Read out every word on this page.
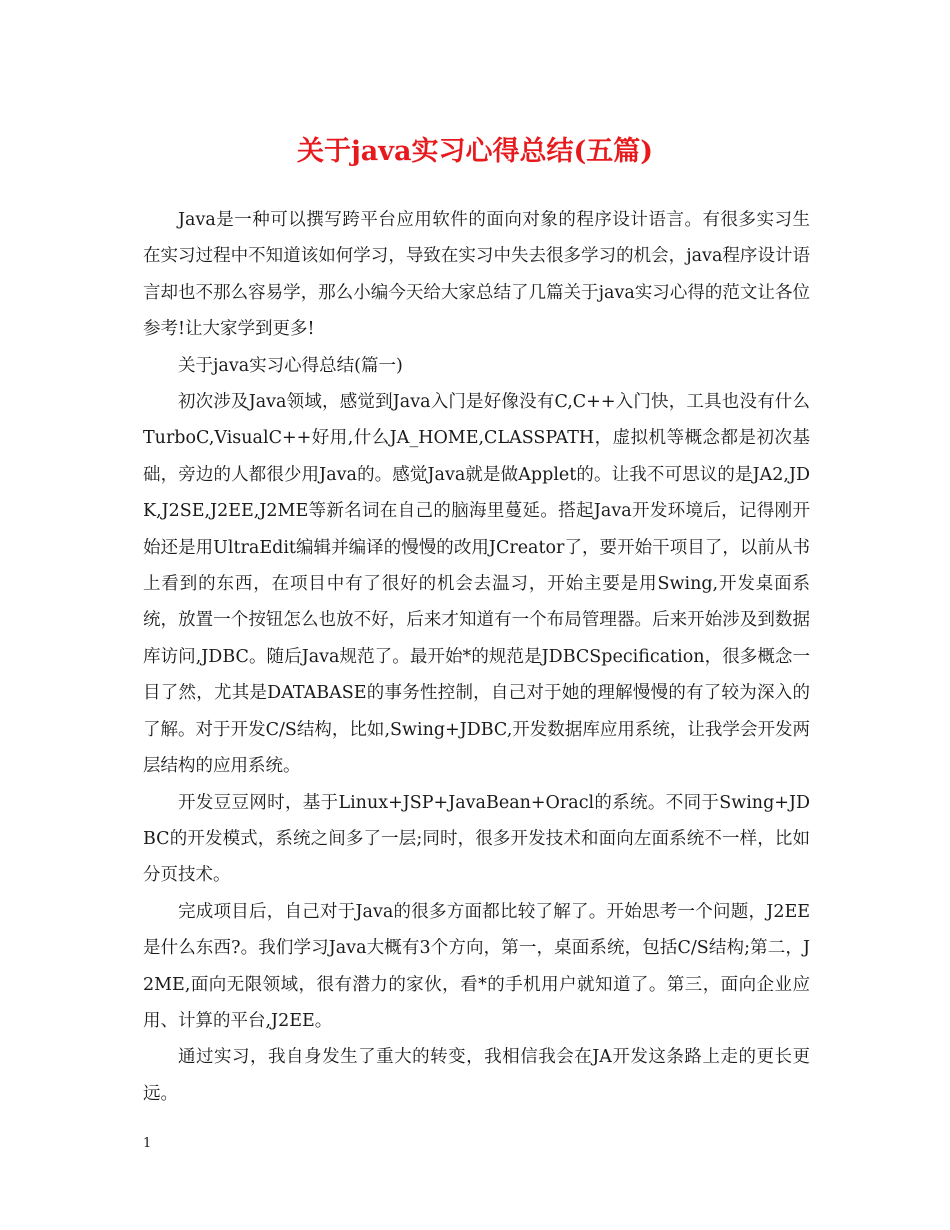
关于java实习心得总结(五篇)

Java是一种可以撰写跨平台应用软件的面向对象的程序设计语言。有很多实习生在实习过程中不知道该如何学习，导致在实习中失去很多学习的机会，java程序设计语言却也不那么容易学，那么小编今天给大家总结了几篇关于java实习心得的范文让各位参考!让大家学到更多!

关于java实习心得总结(篇一)

初次涉及Java领域，感觉到Java入门是好像没有C,C++入门快，工具也没有什么TurboC,VisualC++好用,什么JA_HOME,CLASSPATH，虚拟机等概念都是初次基础，旁边的人都很少用Java的。感觉Java就是做Applet的。让我不可思议的是JA2,JDK,J2SE,J2EE,J2ME等新名词在自己的脑海里蔓延。搭起Java开发环境后，记得刚开始还是用UltraEdit编辑并编译的慢慢的改用JCreator了，要开始干项目了，以前从书上看到的东西，在项目中有了很好的机会去温习，开始主要是用Swing,开发桌面系统，放置一个按钮怎么也放不好，后来才知道有一个布局管理器。后来开始涉及到数据库访问,JDBC。随后Java规范了。最开始*的规范是JDBCSpecification，很多概念一目了然，尤其是DATABASE的事务性控制，自己对于她的理解慢慢的有了较为深入的了解。对于开发C/S结构，比如,Swing+JDBC,开发数据库应用系统，让我学会开发两层结构的应用系统。

开发豆豆网时，基于Linux+JSP+JavaBean+Oracl的系统。不同于Swing+JDBC的开发模式，系统之间多了一层;同时，很多开发技术和面向左面系统不一样，比如分页技术。

完成项目后，自己对于Java的很多方面都比较了解了。开始思考一个问题，J2EE是什么东西?。我们学习Java大概有3个方向，第一，桌面系统，包括C/S结构;第二，J2ME,面向无限领域，很有潜力的家伙，看*的手机用户就知道了。第三，面向企业应用、计算的平台,J2EE。

通过实习，我自身发生了重大的转变，我相信我会在JA开发这条路上走的更长更远。

1
